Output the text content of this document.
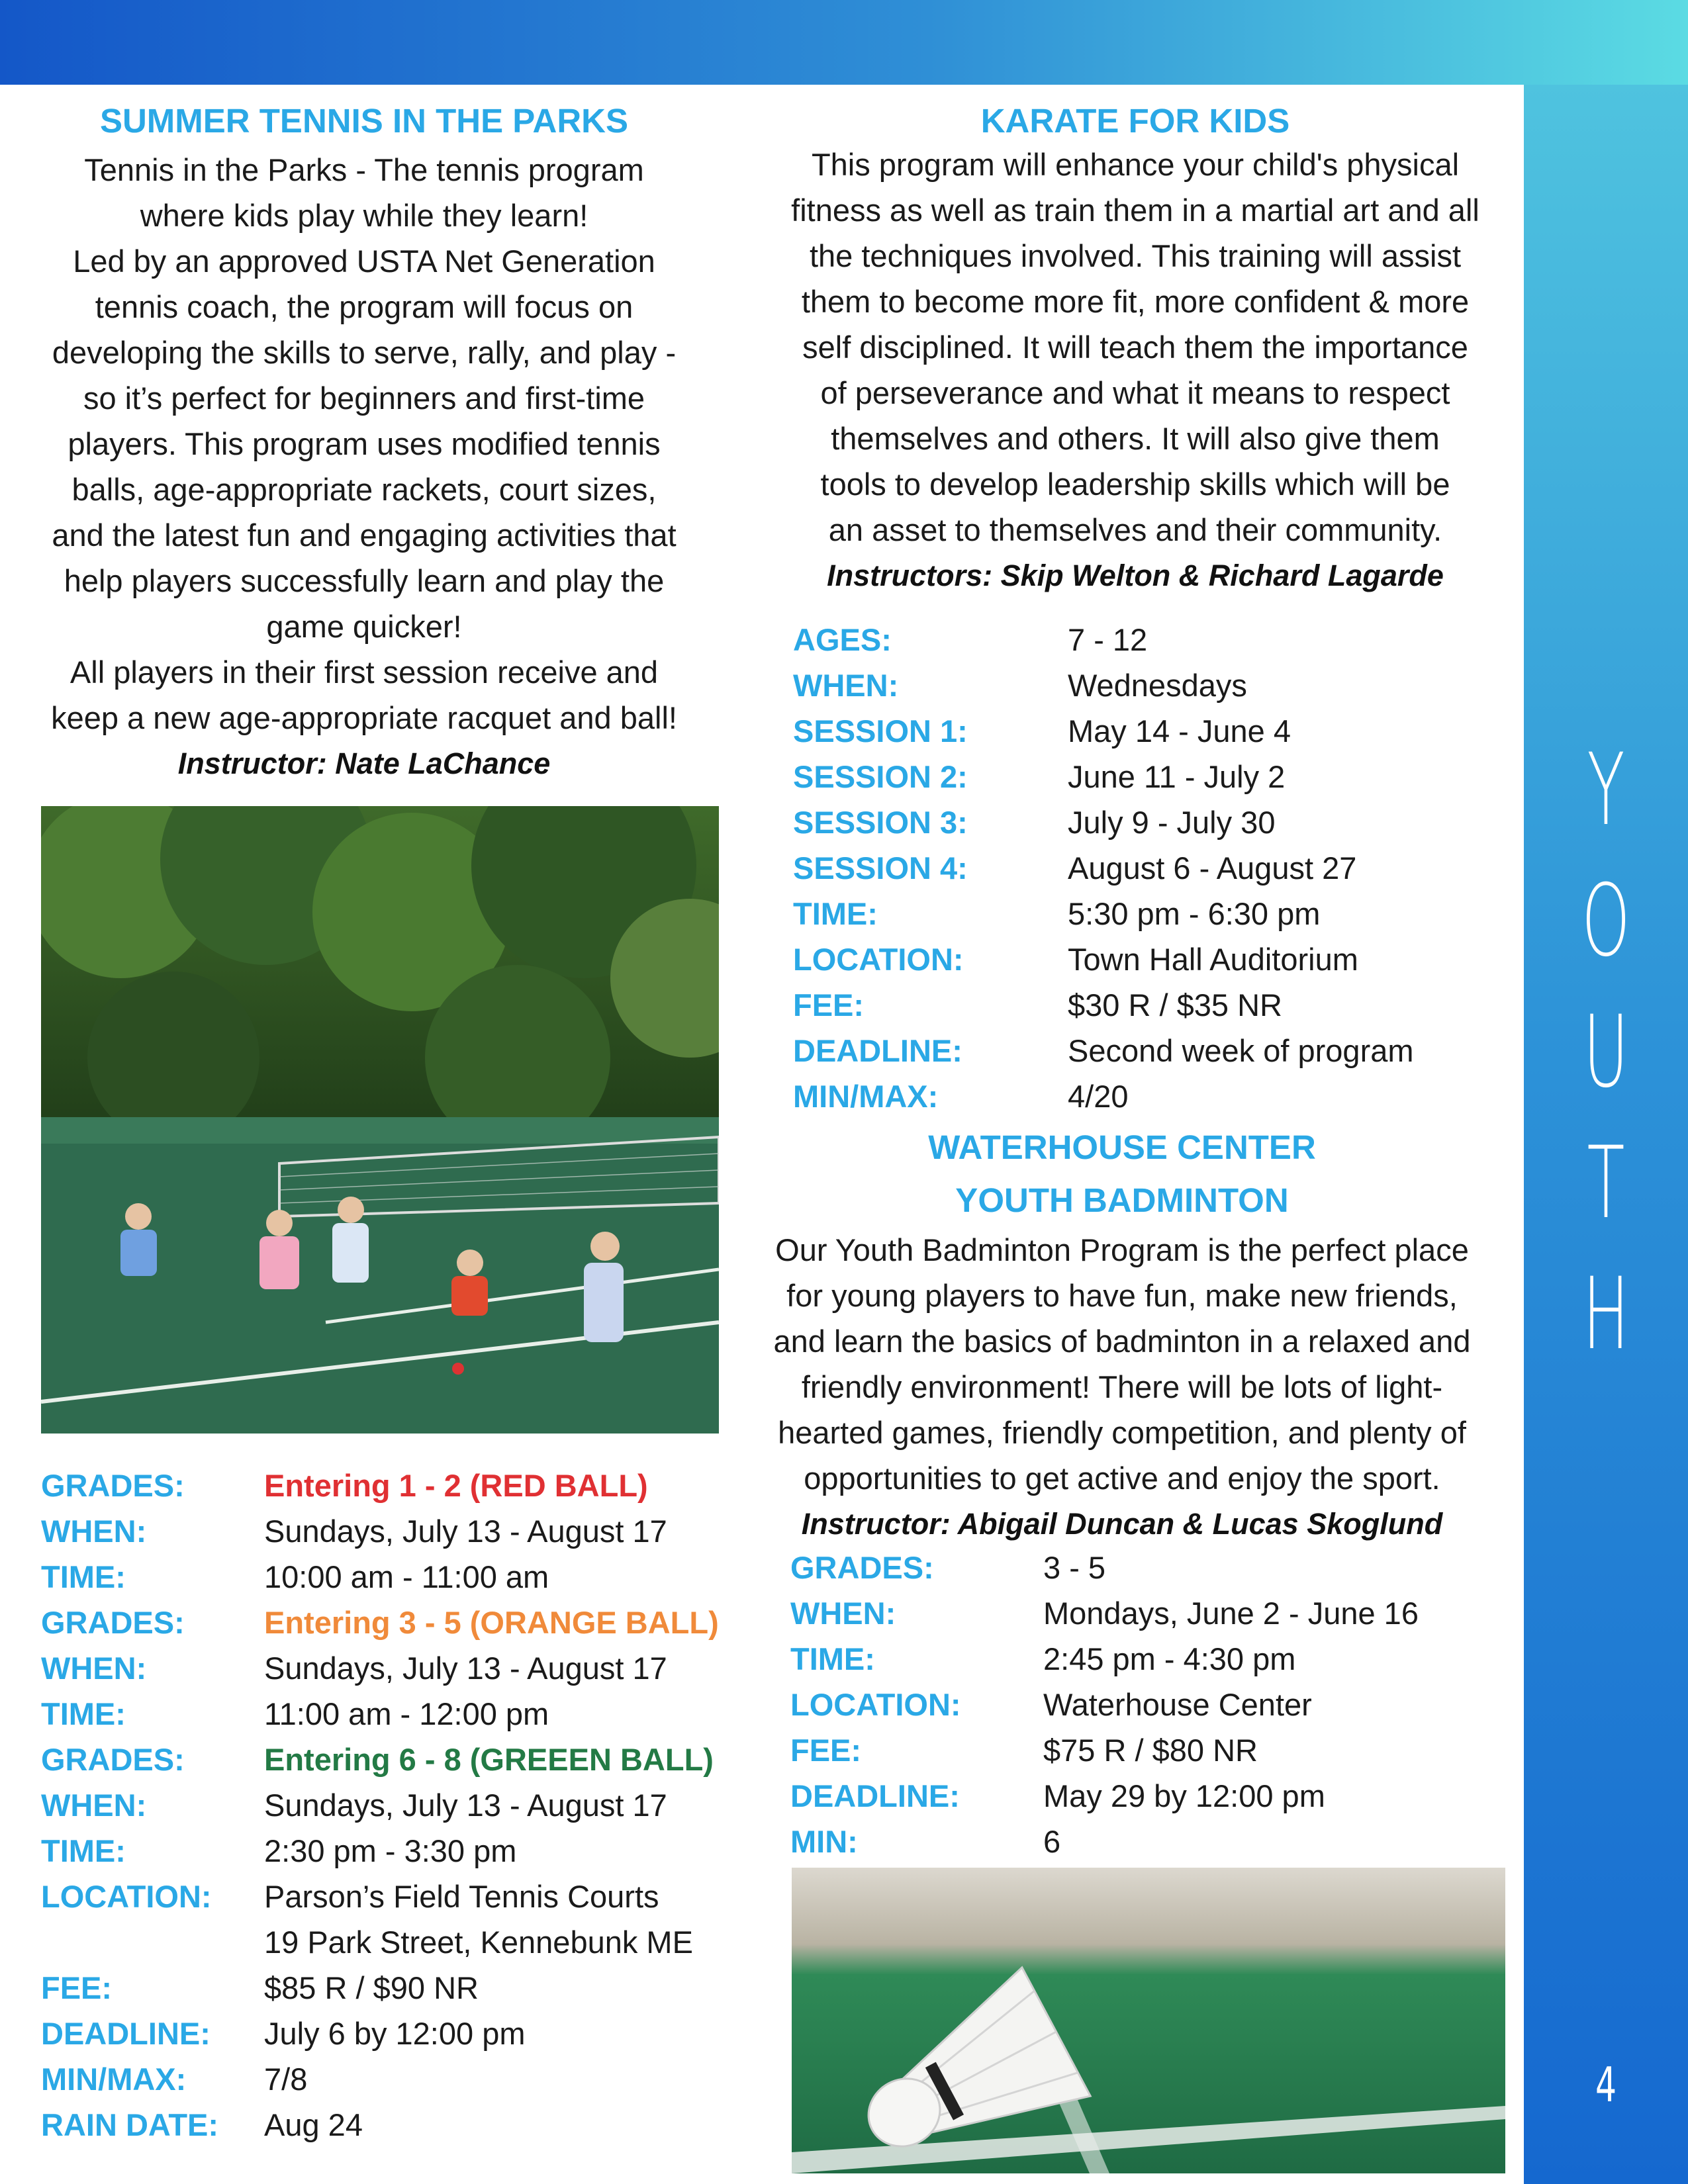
Y
O
U
T
H
4
SUMMER TENNIS IN THE PARKS
Tennis in the Parks - The tennis program
where kids play while they learn!
Led by an approved USTA Net Generation
tennis coach, the program will focus on
developing the skills to serve, rally, and play -
so it’s perfect for beginners and first-time
players. This program uses modified tennis
balls, age-appropriate rackets, court sizes,
and the latest fun and engaging activities that
help players successfully learn and play the
game quicker!
All players in their first session receive and
keep a new age-appropriate racquet and ball!
Instructor: Nate LaChance
GRADES:	Entering 1 - 2 (RED BALL)
WHEN:	Sundays, July 13 - August 17
TIME:	10:00 am - 11:00 am
GRADES:	Entering 3 - 5 (ORANGE BALL)
WHEN:	Sundays, July 13 - August 17
TIME:	11:00 am - 12:00 pm
GRADES:	Entering 6 - 8 (GREEEN BALL)
WHEN:	Sundays, July 13 - August 17
TIME:	2:30 pm - 3:30 pm
LOCATION:	Parson’s Field Tennis Courts
19 Park Street, Kennebunk ME
FEE:	$85 R / $90 NR
DEADLINE:	July 6 by 12:00 pm
MIN/MAX:	7/8
RAIN DATE:	Aug 24
KARATE FOR KIDS
This program will enhance your child's physical
fitness as well as train them in a martial art and all
the techniques involved. This training will assist
them to become more fit, more confident & more
self disciplined. It will teach them the importance
of perseverance and what it means to respect
themselves and others. It will also give them
tools to develop leadership skills which will be
an asset to themselves and their community.
Instructors: Skip Welton & Richard Lagarde
AGES:	7 - 12
WHEN:	Wednesdays
SESSION 1:	May 14 - June 4
SESSION 2:	June 11 - July 2
SESSION 3:	July 9 - July 30
SESSION 4:	August 6 - August 27
TIME:	5:30 pm - 6:30 pm
LOCATION:	Town Hall Auditorium
FEE:	$30 R / $35 NR
DEADLINE:	Second week of program
MIN/MAX:	4/20
WATERHOUSE CENTER
YOUTH BADMINTON
Our Youth Badminton Program is the perfect place
for young players to have fun, make new friends,
and learn the basics of badminton in a relaxed and
friendly environment! There will be lots of light-
hearted games, friendly competition, and plenty of
opportunities to get active and enjoy the sport.
Instructor: Abigail Duncan & Lucas Skoglund
GRADES:	3 - 5
WHEN:	Mondays, June 2 - June 16
TIME:	2:45 pm - 4:30 pm
LOCATION:	Waterhouse Center
FEE:	$75 R / $80 NR
DEADLINE:	May 29 by 12:00 pm
MIN:	6
